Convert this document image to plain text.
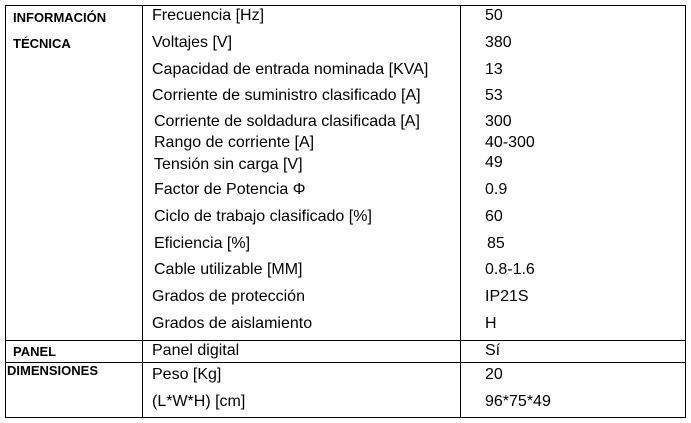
INFORMACIÓN
TÉCNICA
PANEL
DIMENSIONES
Frecuencia [Hz]
Voltajes [V]
Capacidad de entrada nominada [KVA]
Corriente de suministro clasificado [A]
Corriente de soldadura clasificada [A]
Rango de corriente [A]
Tensión sin carga [V]
Factor de Potencia Φ
Ciclo de trabajo clasificado [%]
Eficiencia [%]
Cable utilizable [MM]
Grados de protección
Grados de aislamiento
Panel digital
Peso [Kg]
(L*W*H) [cm]
50
380
13
53
300
40-300
49
0.9
60
85
0.8-1.6
IP21S
H
Sí
20
96*75*49
